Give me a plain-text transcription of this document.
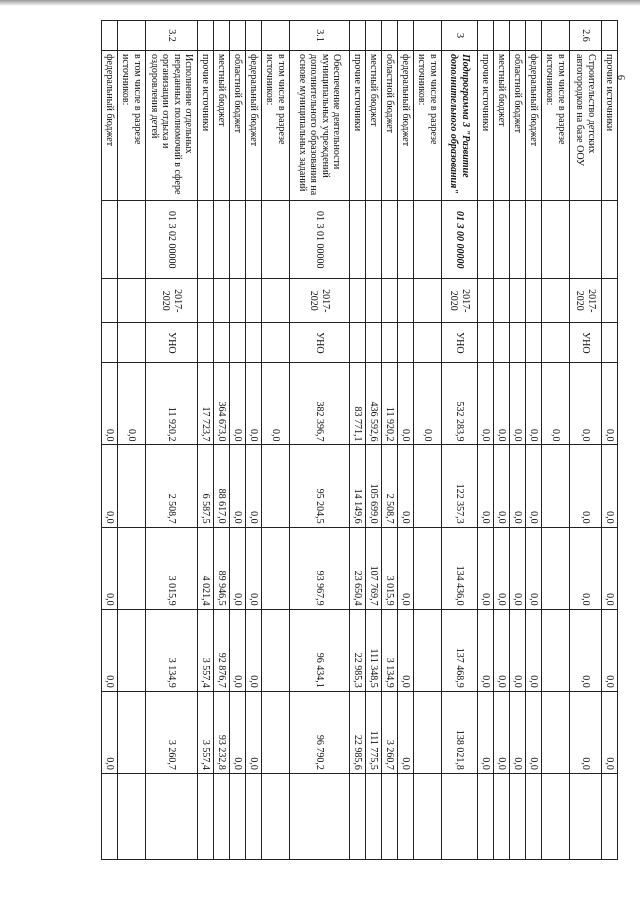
9
	прочие источники				0,0	0,0	0,0	0,0	0,0	
2.6	Строительство детских автогородков на базе ООУ		2017-2020	УНО	0,0	0,0	0,0	0,0	0,0	
	в том числе в разрезе источников:				0,0					
	федеральный бюджет				0,0	0,0	0,0	0,0	0,0	
	областной бюджет				0,0	0,0	0,0	0,0	0,0	
	местный бюджет				0,0	0,0	0,0	0,0	0,0	
	прочие источники				0,0	0,0	0,0	0,0	0,0	
3	Подпрограмма 3 "Развитие дополнительного образования"	01 3 00 00000	2017-2020	УНО	532 283,9	122 357,3	134 436,0	137 468,9	138 021,8	
	в том числе в разрезе источников:				0,0					
	федеральный бюджет				0,0	0,0	0,0	0,0	0,0	
	областной бюджет				11 920,2	2 508,7	3 015,9	3 134,9	3 260,7	
	местный бюджет				436 592,6	105 699,0	107 769,7	111 348,5	111 775,5	
	прочие источники				83 771,1	14 149,6	23 650,4	22 985,3	22 985,6	
3.1	Обеспечение деятельности муниципальных учреждений дополнительного образования на основе муниципальных заданий	01 3 01 00000	2017-2020	УНО	382 396,7	95 204,5	93 967,9	96 434,1	96 790,2	
	в том числе в разрезе источников:				0,0					
	федеральный бюджет				0,0	0,0	0,0	0,0	0,0	
	областной бюджет				0,0	0,0	0,0	0,0	0,0	
	местный бюджет				364 673,0	88 617,0	89 946,5	92 876,7	93 232,8	
	прочие источники				17 723,7	6 587,5	4 021,4	3 557,4	3 557,4	
3.2	Исполнение отдельных переданных полномочий в сфере организации отдыха и оздоровления детей	01 3 02 00000	2017-2020	УНО	11 920,2	2 508,7	3 015,9	3 134,9	3 260,7	
	в том числе в разрезе источников:				0,0					
	федеральный бюджет				0,0	0,0	0,0	0,0	0,0	
